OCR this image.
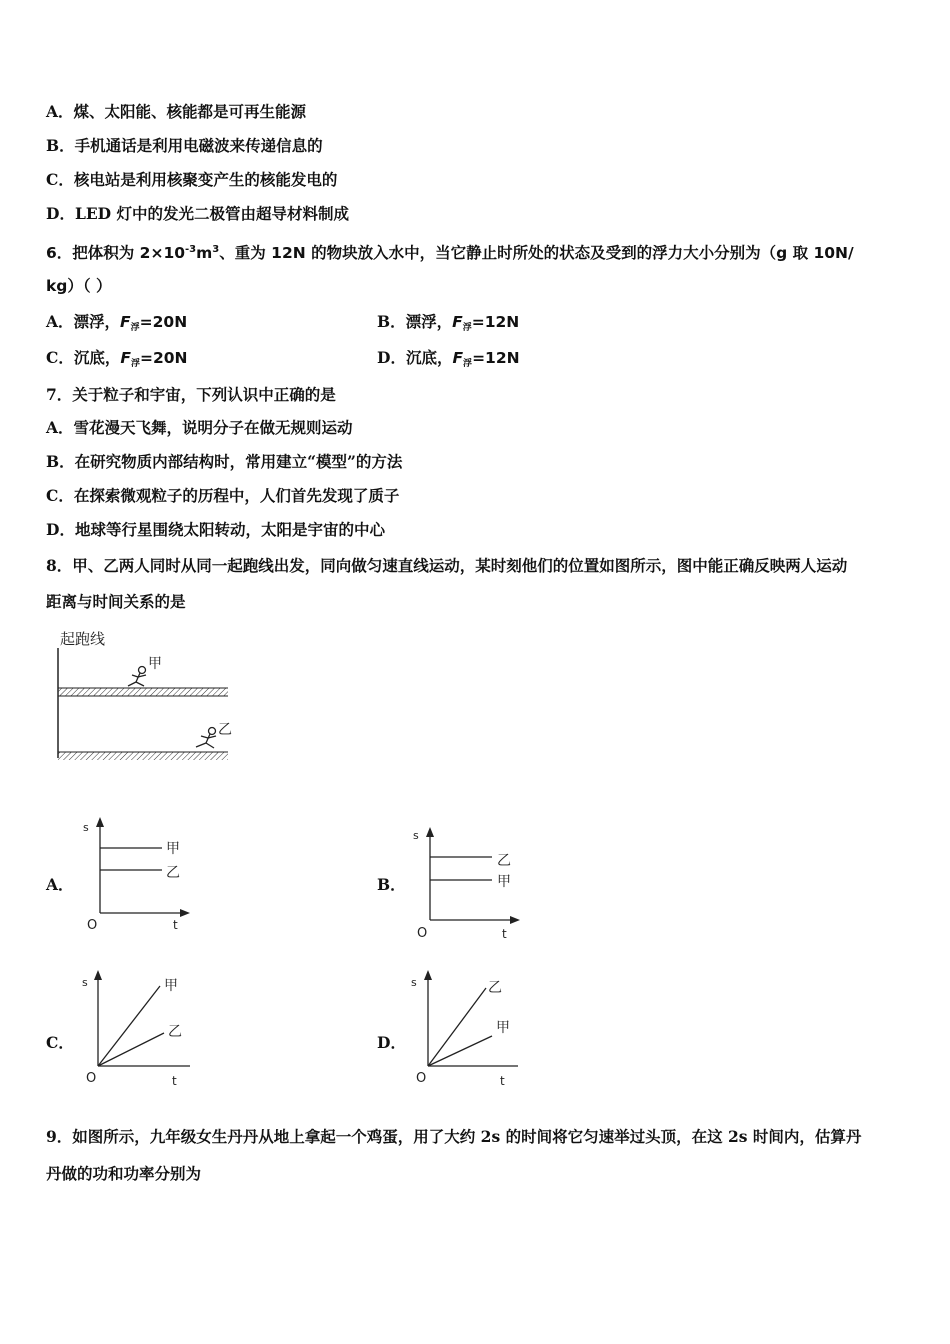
A．煤、太阳能、核能都是可再生能源
B．手机通话是利用电磁波来传递信息的
C．核电站是利用核聚变产生的核能发电的
D．LED 灯中的发光二极管由超导材料制成
6．把体积为 $2\times 10^{-3}m^3$、重为 12N 的物块放入水中，当它静止时所处的状态及受到的浮力大小分别为（g 取 10N/
kg）（ ）
A．漂浮，$F_浮=20N$	B．漂浮，$F_浮=12N$
C．沉底，$F_浮=20N$	D．沉底，$F_浮=12N$
7．关于粒子和宇宙，下列认识中正确的是
A．雪花漫天飞舞，说明分子在做无规则运动
B．在研究物质内部结构时，常用建立“模型”的方法
C．在探索微观粒子的历程中，人们首先发现了质子
D．地球等行星围绕太阳转动，太阳是宇宙的中心
8．甲、乙两人同时从同一起跑线出发，同向做匀速直线运动，某时刻他们的位置如图所示，图中能正确反映两人运动
距离与时间关系的是
起跑线
甲
乙
A．	B．
C．	D．
s
t
O
甲
乙
s
t
O
乙
甲
s
t
O
甲
乙
s
t
O
乙
甲
9．如图所示，九年级女生丹丹从地上拿起一个鸡蛋，用了大约 2s 的时间将它匀速举过头顶，在这 2s 时间内，估算丹
丹做的功和功率分别为
